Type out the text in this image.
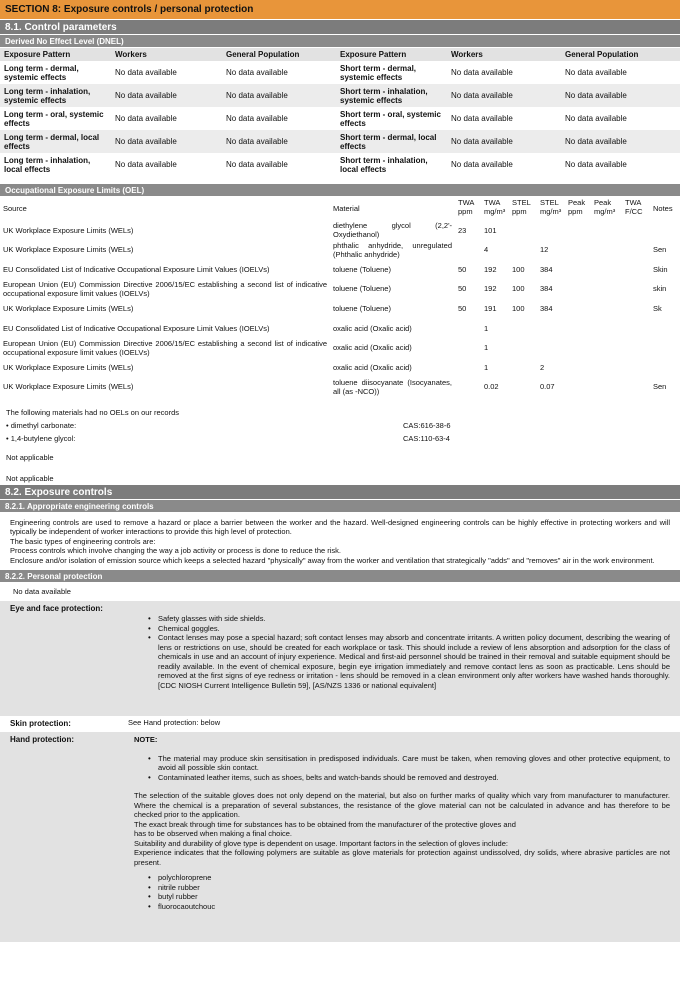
SECTION 8: Exposure controls / personal protection
8.1. Control parameters
Derived No Effect Level (DNEL)
Exposure Pattern	Workers	General Population	Exposure Pattern	Workers	General Population
Long term - dermal, systemic effects	No data available	No data available	Short term - dermal, systemic effects	No data available	No data available
Long term - inhalation, systemic effects	No data available	No data available	Short term - inhalation, systemic effects	No data available	No data available
Long term - oral, systemic effects	No data available	No data available	Short term - oral, systemic effects	No data available	No data available
Long term - dermal, local effects	No data available	No data available	Short term - dermal, local effects	No data available	No data available
Long term - inhalation, local effects	No data available	No data available	Short term - inhalation, local effects	No data available	No data available
Occupational Exposure Limits (OEL)
Source	Material	TWA ppm	TWA mg/m³	STEL ppm	STEL mg/m³	Peak ppm	Peak mg/m³	TWA F/CC	Notes
UK Workplace Exposure Limits (WELs)	diethylene glycol (2,2'-Oxydiethanol)	23	101						
UK Workplace Exposure Limits (WELs)	phthalic anhydride, unregulated (Phthalic anhydride)		4		12				Sen
EU Consolidated List of Indicative Occupational Exposure Limit Values (IOELVs)	toluene (Toluene)	50	192	100	384				Skin
European Union (EU) Commission Directive 2006/15/EC establishing a second list of indicative occupational exposure limit values (IOELVs)	toluene (Toluene)	50	192	100	384				skin
UK Workplace Exposure Limits (WELs)	toluene (Toluene)	50	191	100	384				Sk
EU Consolidated List of Indicative Occupational Exposure Limit Values (IOELVs)	oxalic acid (Oxalic acid)		1						
European Union (EU) Commission Directive 2006/15/EC establishing a second list of indicative occupational exposure limit values (IOELVs)	oxalic acid (Oxalic acid)		1						
UK Workplace Exposure Limits (WELs)	oxalic acid (Oxalic acid)		1		2				
UK Workplace Exposure Limits (WELs)	toluene diisocyanate (Isocyanates, all (as -NCO))		0.02		0.07				Sen
The following materials had no OELs on our records
• dimethyl carbonate:	CAS:616-38-6
• 1,4-butylene glycol:	CAS:110-63-4
Not applicable
Not applicable
8.2. Exposure controls
8.2.1. Appropriate engineering controls
Engineering controls are used to remove a hazard or place a barrier between the worker and the hazard. Well-designed engineering controls can be highly effective in protecting workers and will typically be independent of worker interactions to provide this high level of protection.
The basic types of engineering controls are:
Process controls which involve changing the way a job activity or process is done to reduce the risk.
Enclosure and/or isolation of emission source which keeps a selected hazard "physically" away from the worker and ventilation that strategically "adds" and "removes" air in the work environment.
8.2.2. Personal protection
No data available
Eye and face protection:
• Safety glasses with side shields.
• Chemical goggles.
• Contact lenses may pose a special hazard; soft contact lenses may absorb and concentrate irritants. A written policy document, describing the wearing of lens or restrictions on use, should be created for each workplace or task. This should include a review of lens absorption and adsorption for the class of chemicals in use and an account of injury experience. Medical and first-aid personnel should be trained in their removal and suitable equipment should be readily available. In the event of chemical exposure, begin eye irrigation immediately and remove contact lens as soon as practicable. Lens should be removed at the first signs of eye redness or irritation - lens should be removed in a clean environment only after workers have washed hands thoroughly. [CDC NIOSH Current Intelligence Bulletin 59], [AS/NZS 1336 or national equivalent]
Skin protection:	See Hand protection: below
Hand protection:	NOTE:
• The material may produce skin sensitisation in predisposed individuals. Care must be taken, when removing gloves and other protective equipment, to avoid all possible skin contact.
• Contaminated leather items, such as shoes, belts and watch-bands should be removed and destroyed.
The selection of the suitable gloves does not only depend on the material, but also on further marks of quality which vary from manufacturer to manufacturer. Where the chemical is a preparation of several substances, the resistance of the glove material can not be calculated in advance and has therefore to be checked prior to the application.
The exact break through time for substances has to be obtained from the manufacturer of the protective gloves and
has to be observed when making a final choice.
Suitability and durability of glove type is dependent on usage. Important factors in the selection of gloves include:
Experience indicates that the following polymers are suitable as glove materials for protection against undissolved, dry solids, where abrasive particles are not present.
• polychloroprene
• nitrile rubber
• butyl rubber
• fluorocaoutchouc
